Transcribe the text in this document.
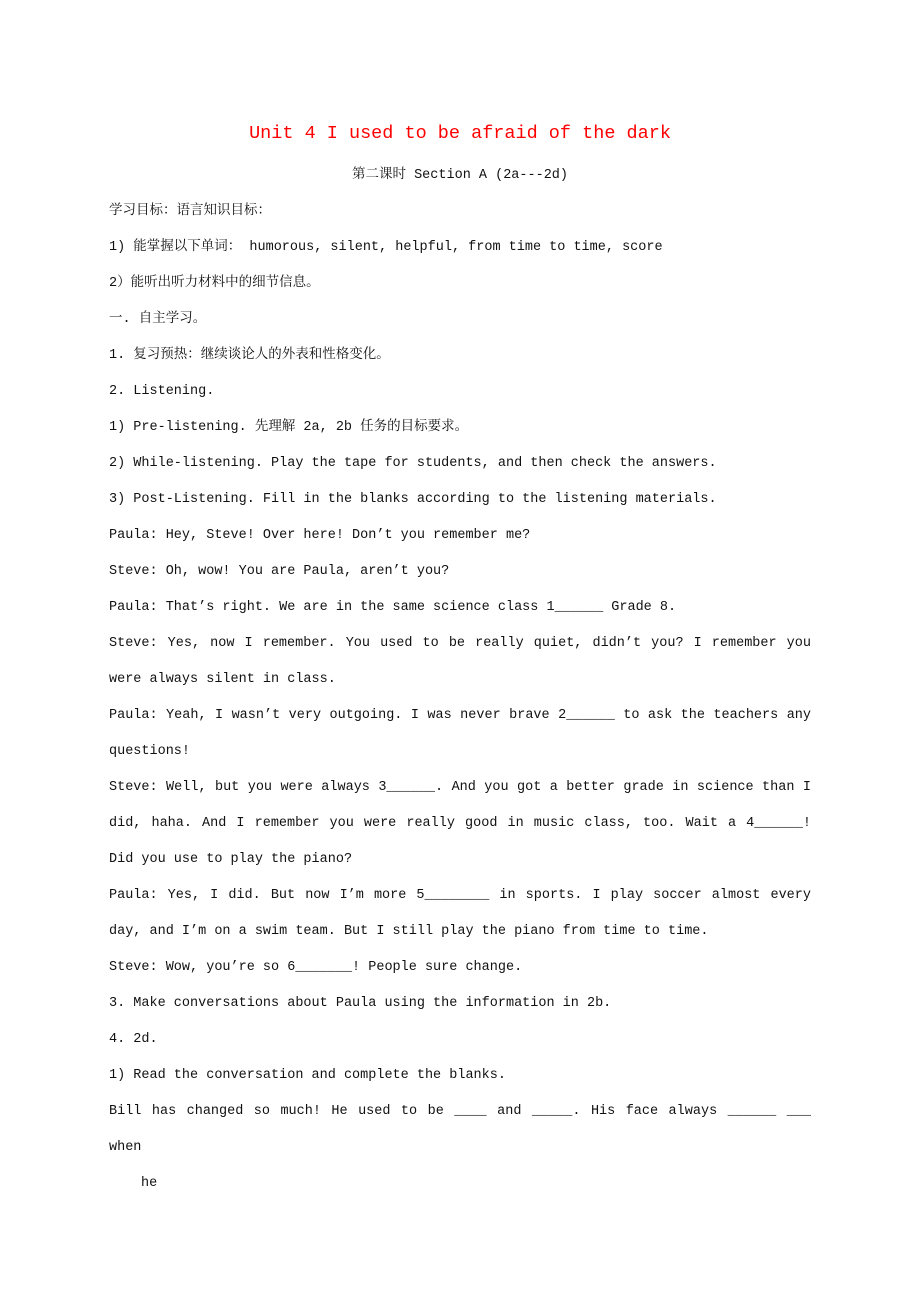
Unit 4 I used to be afraid of the dark
第二课时 Section A (2a---2d)

学习目标：语言知识目标：

1) 能掌握以下单词： humorous, silent, helpful, from time to time, score

2）能听出听力材料中的细节信息。

一. 自主学习。

1. 复习预热：继续谈论人的外表和性格变化。

2. Listening.

1) Pre-listening. 先理解 2a, 2b 任务的目标要求。

2) While-listening. Play the tape for students, and then check the answers.

3) Post-Listening. Fill in the blanks according to the listening materials.

Paula: Hey, Steve! Over here! Don’t you remember me?

Steve: Oh, wow! You are Paula, aren’t you?

Paula: That’s right. We are in the same science class 1______ Grade 8.

Steve: Yes, now I remember. You used to be really quiet, didn’t you? I remember you were always silent in class.

Paula: Yeah, I wasn’t very outgoing. I was never brave 2______ to ask the teachers any questions!

Steve: Well, but you were always 3______. And you got a better grade in science than I did, haha. And I remember you were really good in music class, too. Wait a 4______! Did you use to play the piano?

Paula: Yes, I did. But now I’m more 5________ in sports. I play soccer almost every day, and I’m on a swim team. But I still play the piano from time to time.

Steve: Wow, you’re so 6_______! People sure change.

3. Make conversations about Paula using the information in 2b.

4. 2d.

1) Read the conversation and complete the blanks.

Bill has changed so much! He used to be ____ and _____. His face always ______ ___ when

he
